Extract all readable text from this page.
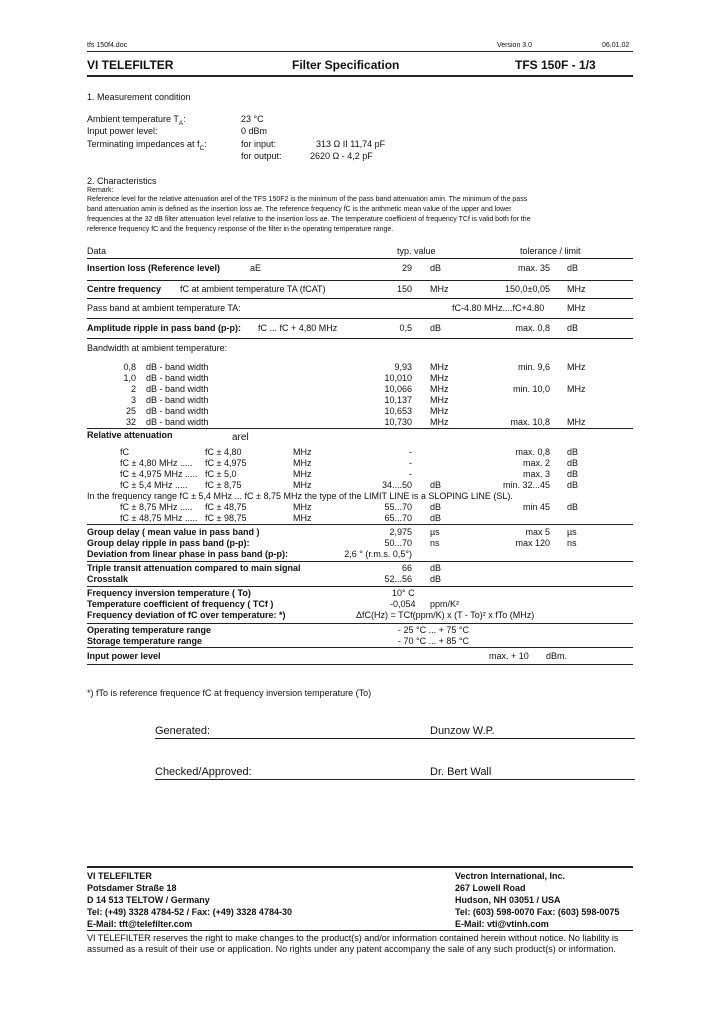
tfs 150f4.doc	Version 3.0	06.01.02
VI TELEFILTER	Filter Specification	TFS 150F - 1/3
1. Measurement condition
Ambient temperature $T_A$:	23 °C
Input power level:	0 dBm
Terminating impedances at $f_C$:	for input:	313 Ω II 11,74 pF
for output:	2620 Ω - 4,2 pF
2. Characteristics
Remark:
Reference level for the relative attenuation arel of the TFS 150F2 is the minimum of the pass band attenuation amin. The minimum of the pass
band attenuation amin is defined as the insertion loss ae. The reference frequency fC is the arithmetic mean value of the upper and lower
frequencies at the 32 dB filter attenuation level relative to the insertion loss ae. The temperature coefficient of frequency TCf is valid both for the
reference frequency fC and the frequency response of the filter in the operating temperature range.
Data	typ. value	tolerance / limit
Insertion loss (Reference level)	aE	29 dB	max. 35 dB
Centre frequency fC at ambient temperature TA (fCAT)	150 MHz	150,0±0,05 MHz
Pass band at ambient temperature TA:	fC-4.80 MHz....fC+4.80	MHz
Amplitude ripple in pass band (p-p): fC ... fC + 4,80 MHz	0,5 dB	max. 0,8 dB
Bandwidth at ambient temperature:
0,8 dB - band width	9,93 MHz	min. 9,6 MHz
1,0 dB - band width	10,010 MHz
2 dB - band width	10,066 MHz	min. 10,0 MHz
3 dB - band width	10,137 MHz
25 dB - band width	10,653 MHz
32 dB - band width	10,730 MHz	max. 10,8 MHz
Relative attenuation	arel
fC	fC ± 4,80	MHz	-	max. 0,8 dB
fC ± 4,80 MHz ..... fC ± 4,975	MHz	-	max. 2 dB
fC ± 4,975 MHz ..... fC ± 5,0	MHz	-	max. 3 dB
fC ± 5,4 MHz ..... fC ± 8,75	MHz	34....50 dB	min. 32...45 dB
In the frequency range fC ± 5,4 MHz ... fC ± 8,75 MHz the type of the LIMIT LINE is a SLOPING LINE (SL).
fC ± 8,75 MHz ..... fC ± 48,75	MHz	55...70 dB	min 45 dB
fC ± 48,75 MHz ..... fC ± 98,75	MHz	65...70 dB
Group delay ( mean value in pass band )	2,975 µs	max 5 µs
Group delay ripple in pass band (p-p):	50...70 ns	max 120 ns
Deviation from linear phase in pass band (p-p):	2,6 ° (r.m.s. 0,5°)
Triple transit attenuation compared to main signal	66 dB
Crosstalk	52...56 dB
Frequency inversion temperature ( To)	10° C
Temperature coefficient of frequency ( TCf )	-0,054 ppm/K²
Frequency deviation of fC over temperature: *)	ΔfC(Hz) = TCf(ppm/K) x (T - To)² x fTo (MHz)
Operating temperature range	- 25 °C ... + 75 °C
Storage temperature range	- 70 °C ... + 85 °C
Input power level	max. + 10 dBm.
*) fTo is reference frequence fC at frequency inversion temperature (To)
Generated:	Dunzow W.P.
Checked/Approved:	Dr. Bert Wall
VI TELEFILTER
Potsdamer Straße 18
D 14 513 TELTOW / Germany
Tel: (+49) 3328 4784-52 / Fax: (+49) 3328 4784-30
E-Mail: tft@telefilter.com
Vectron International, Inc.
267 Lowell Road
Hudson, NH 03051 / USA
Tel: (603) 598-0070 Fax: (603) 598-0075
E-Mail: vti@vtinh.com
VI TELEFILTER reserves the right to make changes to the product(s) and/or information contained herein without notice. No liability is
assumed as a result of their use or application. No rights under any patent accompany the sale of any such product(s) or information.
